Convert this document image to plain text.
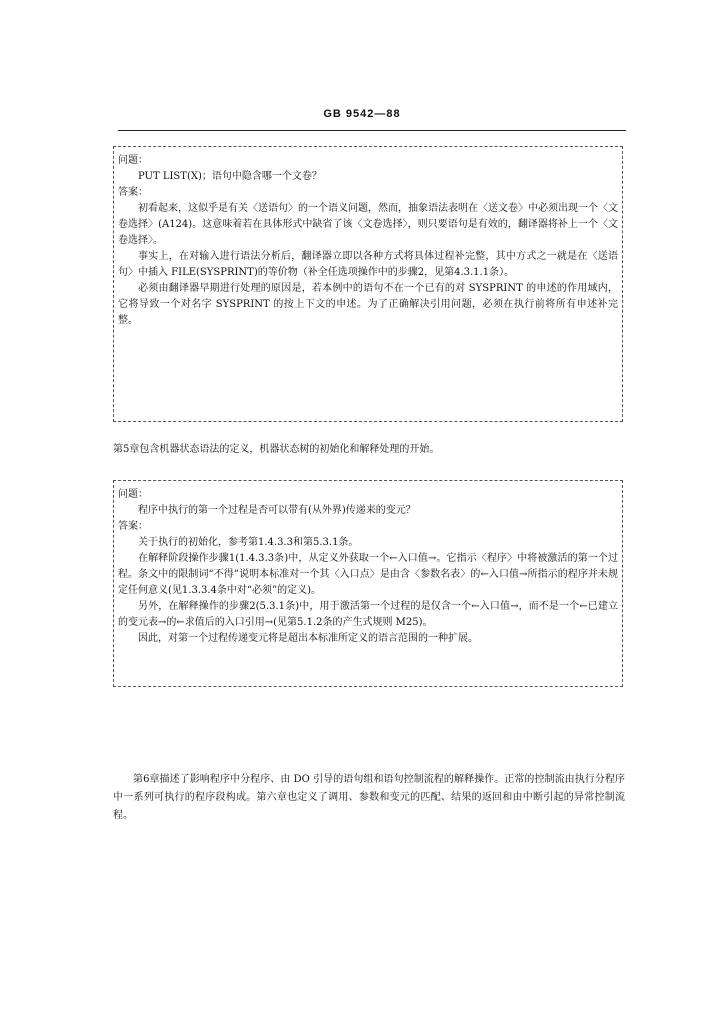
GB 9542—88

问题：

PUT LIST(X)；语句中隐含哪一个文卷？

答案：

初看起来，这似乎是有关〈送语句〉的一个语义问题，然而，抽象语法表明在〈送文卷〉中必须出现一个〈文卷选择〉(A124)。这意味着若在具体形式中缺省了该〈文卷选择〉，则只要语句是有效的，翻译器将补上一个〈文卷选择〉。

事实上，在对输入进行语法分析后，翻译器立即以各种方式将具体过程补完整，其中方式之一就是在〈送语句〉中插入 FILE(SYSPRINT)的等价物（补全任选项操作中的步骤2，见第4.3.1.1条）。

必须由翻译器早期进行处理的原因是，若本例中的语句不在一个已有的对 SYSPRINT 的申述的作用域内，它将导致一个对名字 SYSPRINT 的按上下文的申述。为了正确解决引用问题，必须在执行前将所有申述补完整。

第5章包含机器状态语法的定义，机器状态树的初始化和解释处理的开始。

问题：

程序中执行的第一个过程是否可以带有(从外界)传递来的变元？

答案：

关于执行的初始化，参考第1.4.3.3和第5.3.1条。

在解释阶段操作步骤1(1.4.3.3条)中，从定义外获取一个←入口值→。它指示〈程序〉中将被激活的第一个过程。条文中的限制词“不得”说明本标准对一个其〈入口点〉是由含〈参数名表〉的←入口值→所指示的程序并未规定任何意义(见1.3.3.4条中对“必须”的定义)。

另外，在解释操作的步骤2(5.3.1条)中，用于激活第一个过程的是仅含一个←入口值→，而不是一个←已建立的变元表→的←求值后的入口引用→(见第5.1.2条的产生式规则 M25)。

因此，对第一个过程传递变元将是超出本标准所定义的语言范围的一种扩展。

第6章描述了影响程序中分程序、由 DO 引导的语句组和语句控制流程的解释操作。正常的控制流由执行分程序中一系列可执行的程序段构成。第六章也定义了调用、参数和变元的匹配、结果的返回和由中断引起的异常控制流程。
